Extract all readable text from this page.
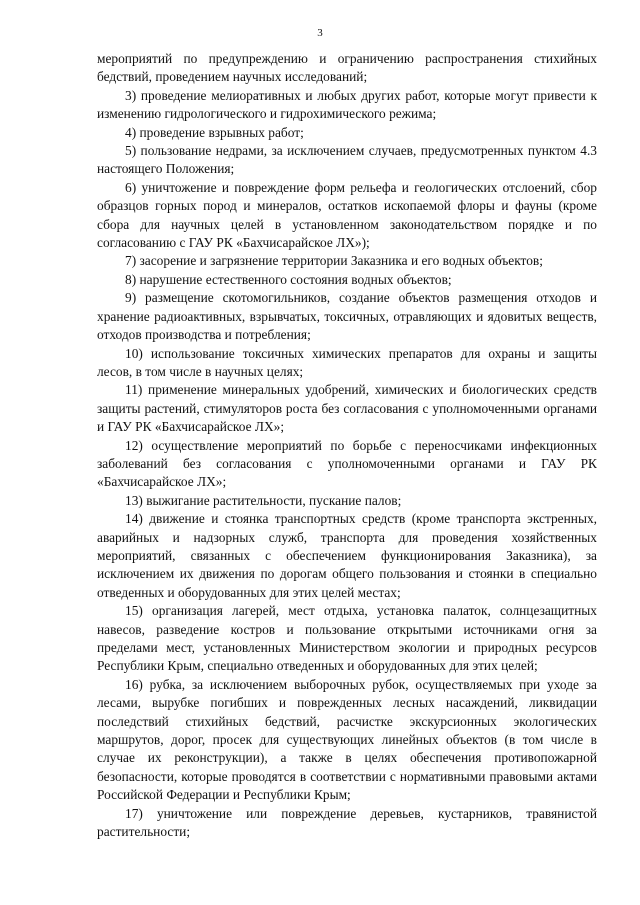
3

мероприятий по предупреждению и ограничению распространения стихийных бедствий, проведением научных исследований;

3) проведение мелиоративных и любых других работ, которые могут привести к изменению гидрологического и гидрохимического режима;

4) проведение взрывных работ;

5) пользование недрами, за исключением случаев, предусмотренных пунктом 4.3 настоящего Положения;

6) уничтожение и повреждение форм рельефа и геологических отслоений, сбор образцов горных пород и минералов, остатков ископаемой флоры и фауны (кроме сбора для научных целей в установленном законодательством порядке и по согласованию с ГАУ РК «Бахчисарайское ЛХ»);

7) засорение и загрязнение территории Заказника и его водных объектов;

8) нарушение естественного состояния водных объектов;

9) размещение скотомогильников, создание объектов размещения отходов и хранение радиоактивных, взрывчатых, токсичных, отравляющих и ядовитых веществ, отходов производства и потребления;

10) использование токсичных химических препаратов для охраны и защиты лесов, в том числе в научных целях;

11) применение минеральных удобрений, химических и биологических средств защиты растений, стимуляторов роста без согласования с уполномоченными органами и ГАУ РК «Бахчисарайское ЛХ»;

12) осуществление мероприятий по борьбе с переносчиками инфекционных заболеваний без согласования с уполномоченными органами и ГАУ РК «Бахчисарайское ЛХ»;

13) выжигание растительности, пускание палов;

14) движение и стоянка транспортных средств (кроме транспорта экстренных, аварийных и надзорных служб, транспорта для проведения хозяйственных мероприятий, связанных с обеспечением функционирования Заказника), за исключением их движения по дорогам общего пользования и стоянки в специально отведенных и оборудованных для этих целей местах;

15) организация лагерей, мест отдыха, установка палаток, солнцезащитных навесов, разведение костров и пользование открытыми источниками огня за пределами мест, установленных Министерством экологии и природных ресурсов Республики Крым, специально отведенных и оборудованных для этих целей;

16) рубка, за исключением выборочных рубок, осуществляемых при уходе за лесами, вырубке погибших и поврежденных лесных насаждений, ликвидации последствий стихийных бедствий, расчистке экскурсионных экологических маршрутов, дорог, просек для существующих линейных объектов (в том числе в случае их реконструкции), а также в целях обеспечения противопожарной безопасности, которые проводятся в соответствии с нормативными правовыми актами Российской Федерации и Республики Крым;

17) уничтожение или повреждение деревьев, кустарников, травянистой растительности;
